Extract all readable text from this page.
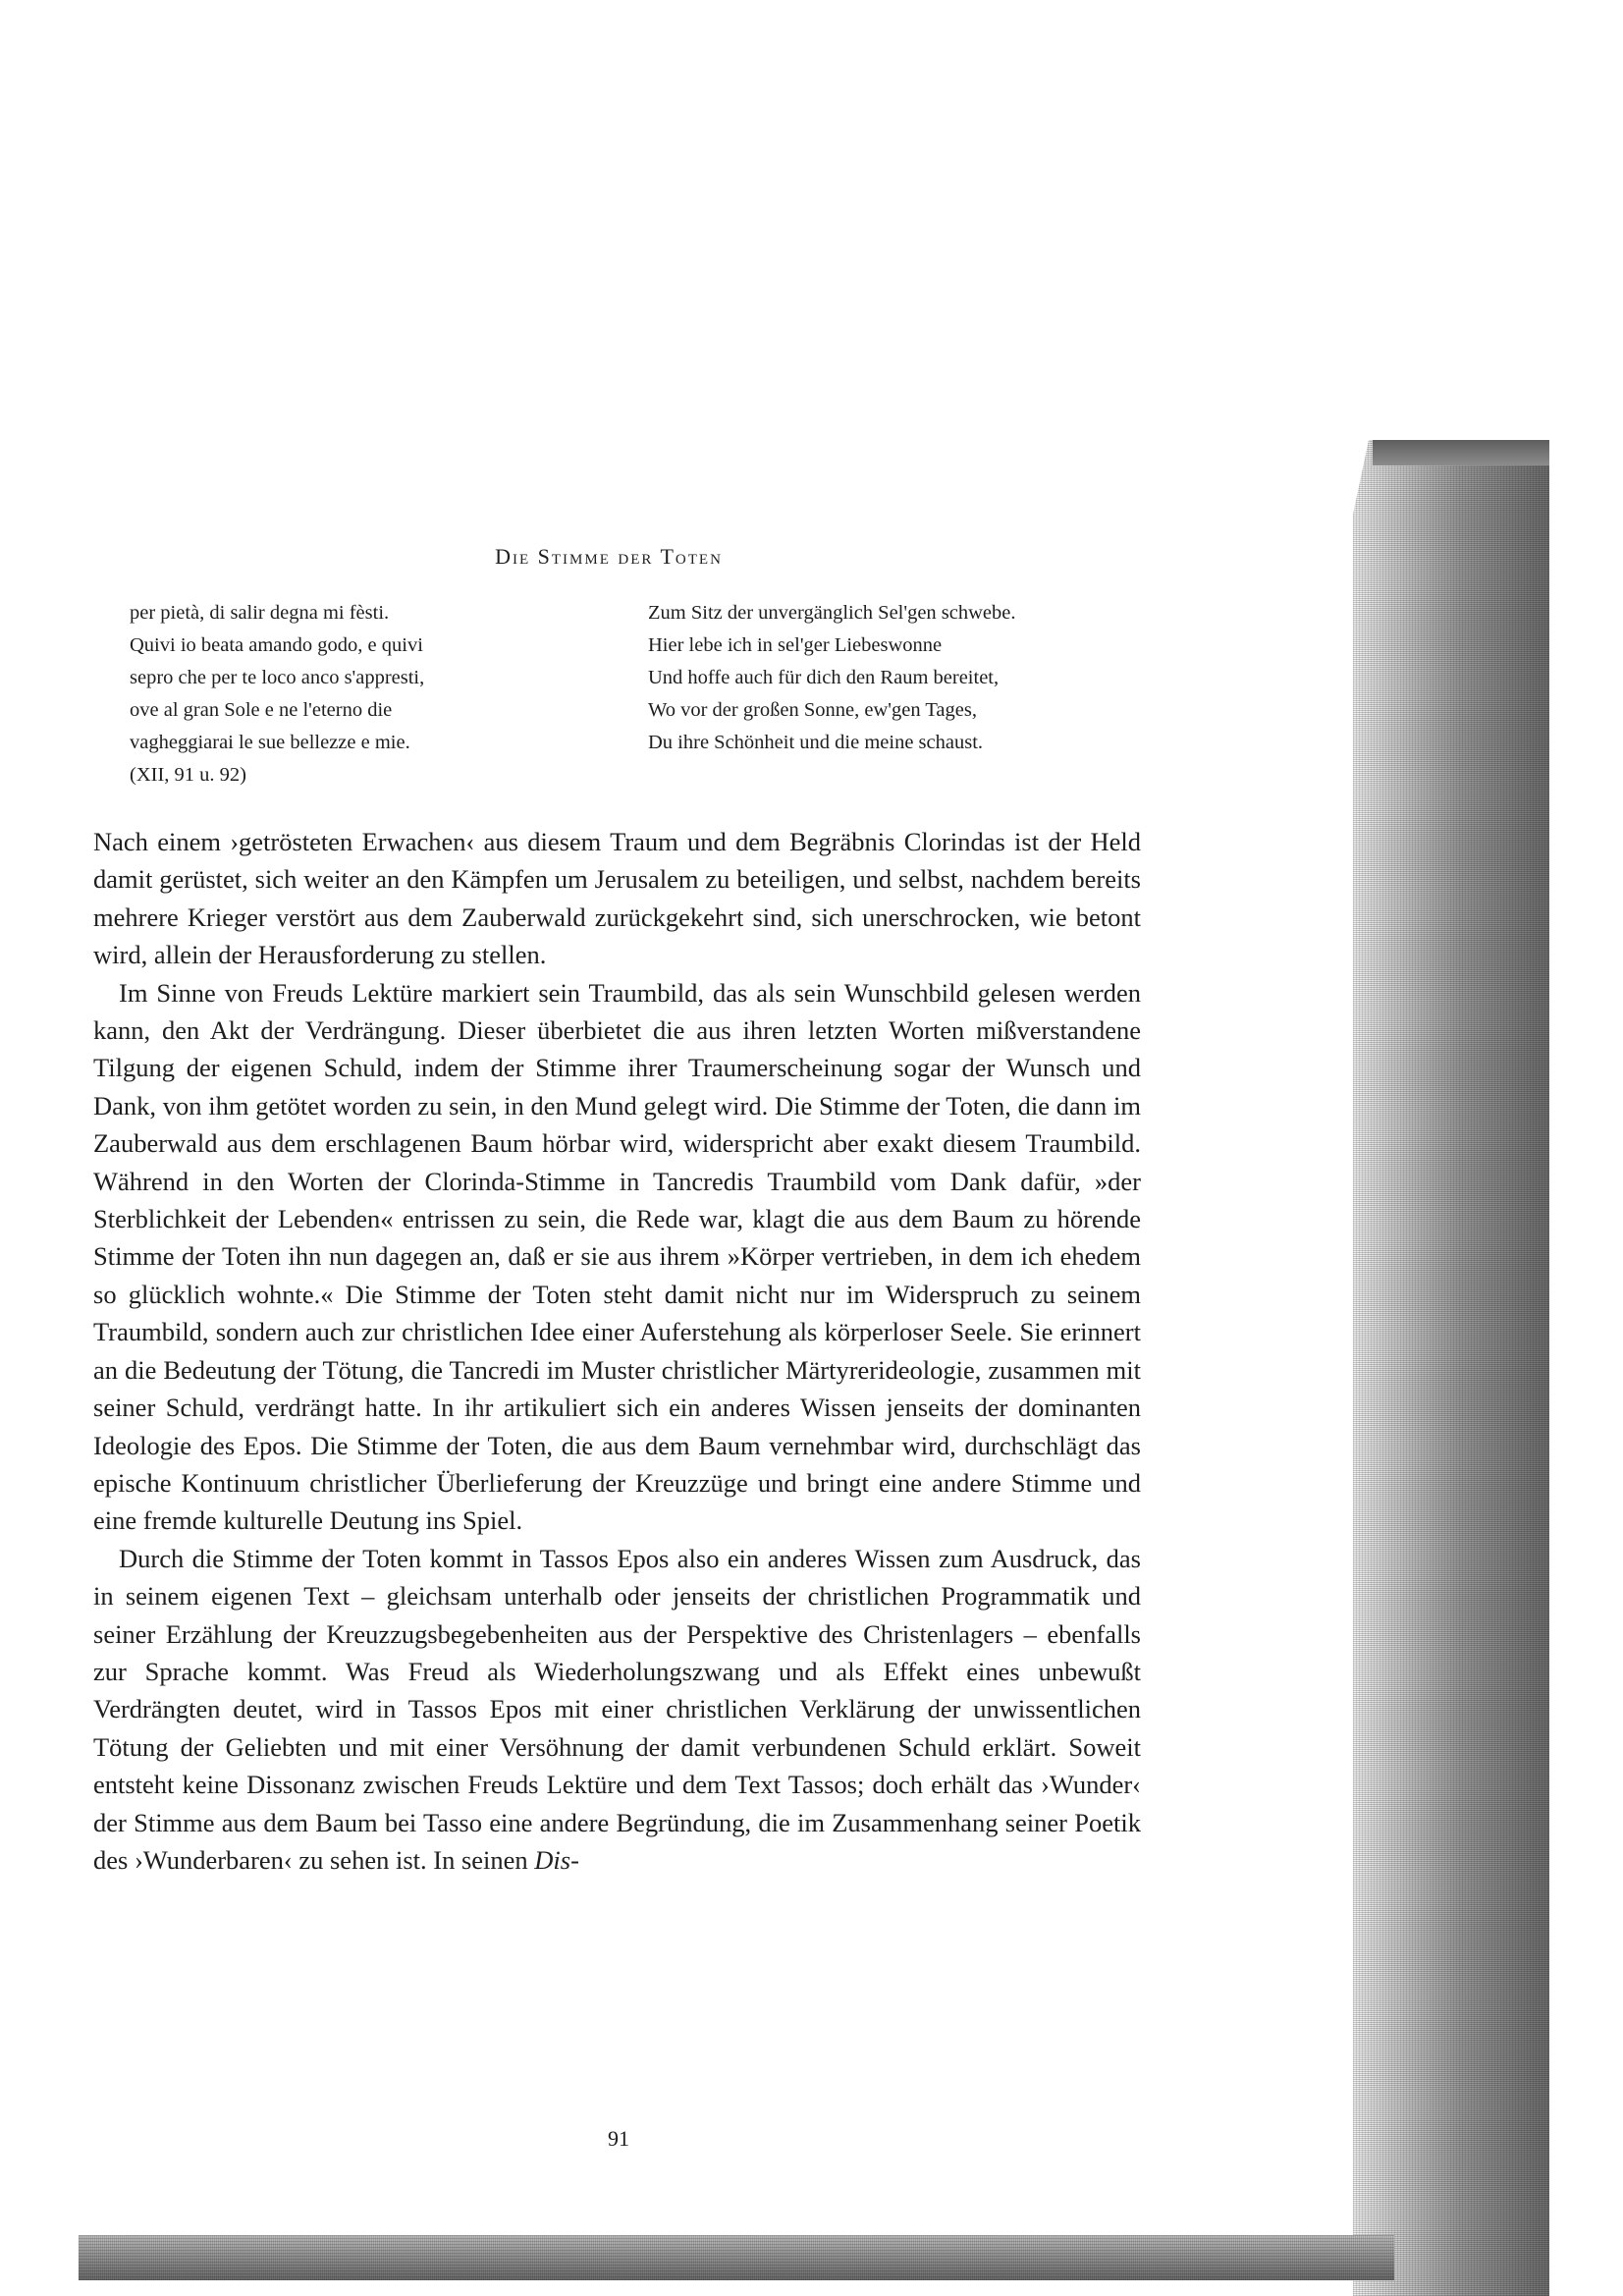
Die Stimme der Toten
per pietà, di salir degna mi fèsti.
Quivi io beata amando godo, e quivi
sepro che per te loco anco s'appresti,
ove al gran Sole e ne l'eterno die
vagheggiarai le sue bellezze e mie.
(XII, 91 u. 92)
Zum Sitz der unvergänglich Sel'gen schwebe.
Hier lebe ich in sel'ger Liebeswonne
Und hoffe auch für dich den Raum bereitet,
Wo vor der großen Sonne, ew'gen Tages,
Du ihre Schönheit und die meine schaust.

Nach einem ›getrösteten Erwachen‹ aus diesem Traum und dem Begräbnis Clorindas ist der Held damit gerüstet, sich weiter an den Kämpfen um Jerusalem zu beteiligen, und selbst, nachdem bereits mehrere Krieger verstört aus dem Zauberwald zurückgekehrt sind, sich unerschrocken, wie betont wird, allein der Herausforderung zu stellen.

Im Sinne von Freuds Lektüre markiert sein Traumbild, das als sein Wunschbild gelesen werden kann, den Akt der Verdrängung. Dieser überbietet die aus ihren letzten Worten mißverstandene Tilgung der eigenen Schuld, indem der Stimme ihrer Traumerscheinung sogar der Wunsch und Dank, von ihm getötet worden zu sein, in den Mund gelegt wird. Die Stimme der Toten, die dann im Zauberwald aus dem erschlagenen Baum hörbar wird, widerspricht aber exakt diesem Traumbild. Während in den Worten der Clorinda-Stimme in Tancredis Traumbild vom Dank dafür, »der Sterblichkeit der Lebenden« entrissen zu sein, die Rede war, klagt die aus dem Baum zu hörende Stimme der Toten ihn nun dagegen an, daß er sie aus ihrem »Körper vertrieben, in dem ich ehedem so glücklich wohnte.« Die Stimme der Toten steht damit nicht nur im Widerspruch zu seinem Traumbild, sondern auch zur christlichen Idee einer Auferstehung als körperloser Seele. Sie erinnert an die Bedeutung der Tötung, die Tancredi im Muster christlicher Märtyrerideologie, zusammen mit seiner Schuld, verdrängt hatte. In ihr artikuliert sich ein anderes Wissen jenseits der dominanten Ideologie des Epos. Die Stimme der Toten, die aus dem Baum vernehmbar wird, durchschlägt das epische Kontinuum christlicher Überlieferung der Kreuzzüge und bringt eine andere Stimme und eine fremde kulturelle Deutung ins Spiel.

Durch die Stimme der Toten kommt in Tassos Epos also ein anderes Wissen zum Ausdruck, das in seinem eigenen Text – gleichsam unterhalb oder jenseits der christlichen Programmatik und seiner Erzählung der Kreuzzugsbegebenheiten aus der Perspektive des Christenlagers – ebenfalls zur Sprache kommt. Was Freud als Wiederholungszwang und als Effekt eines unbewußt Verdrängten deutet, wird in Tassos Epos mit einer christlichen Verklärung der unwissentlichen Tötung der Geliebten und mit einer Versöhnung der damit verbundenen Schuld erklärt. Soweit entsteht keine Dissonanz zwischen Freuds Lektüre und dem Text Tassos; doch erhält das ›Wunder‹ der Stimme aus dem Baum bei Tasso eine andere Begründung, die im Zusammenhang seiner Poetik des ›Wunderbaren‹ zu sehen ist. In seinen Dis-

91
